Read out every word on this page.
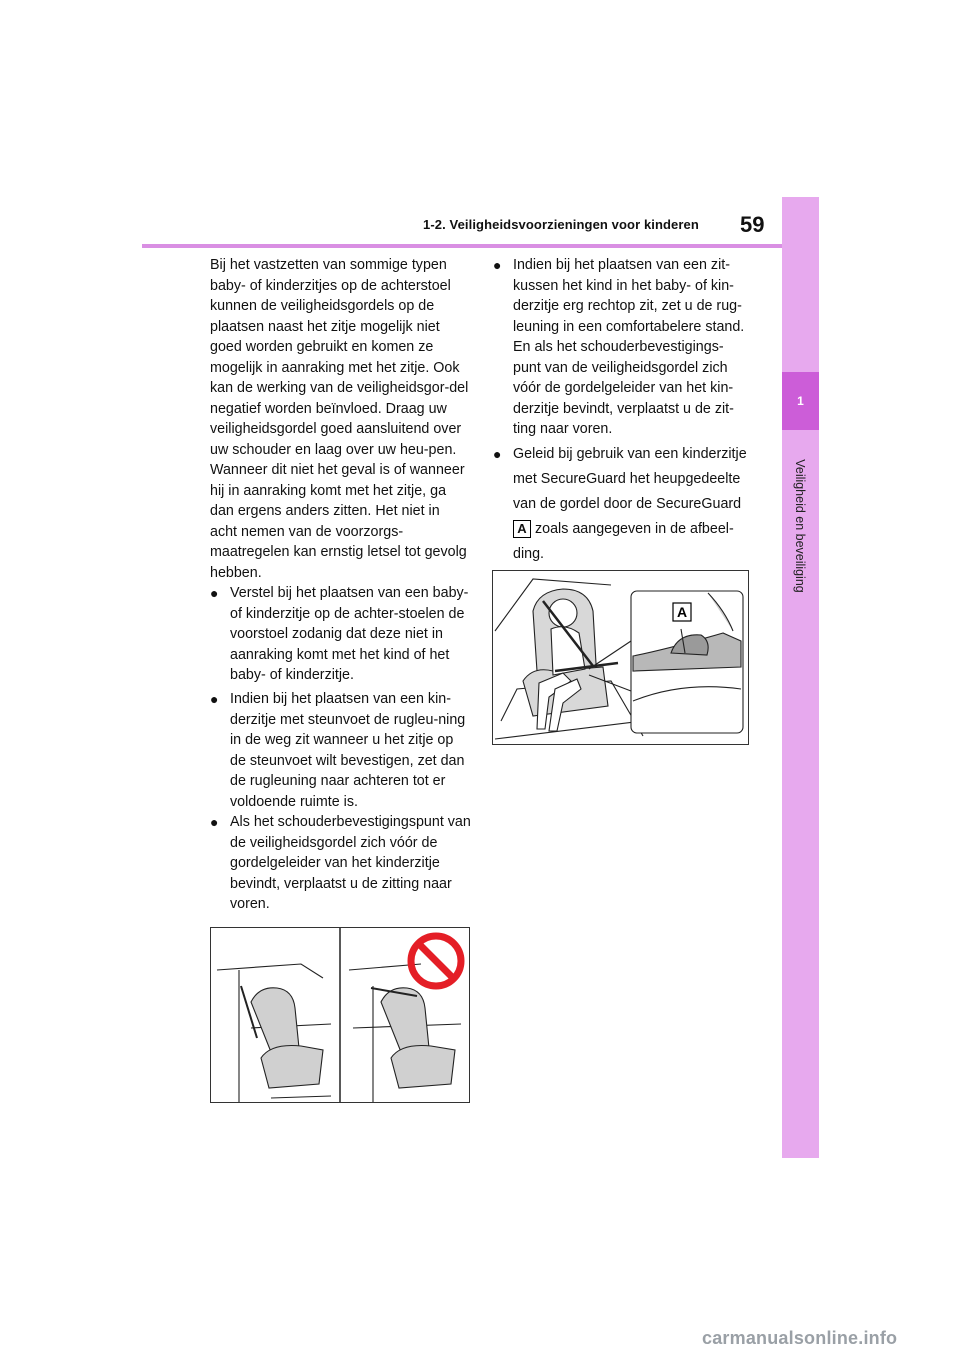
1-2. Veiligheidsvoorzieningen voor kinderen 59
1
Veiligheid en beveiliging
Bij het vastzetten van sommige typen baby- of kinderzitjes op de achterstoel kunnen de veiligheidsgordels op de plaatsen naast het zitje mogelijk niet goed worden gebruikt en komen ze mogelijk in aanraking met het zitje. Ook kan de werking van de veiligheidsgor-del negatief worden beïnvloed. Draag uw veiligheidsgordel goed aansluitend over uw schouder en laag over uw heu-pen. Wanneer dit niet het geval is of wanneer hij in aanraking komt met het zitje, ga dan ergens anders zitten. Het niet in acht nemen van de voorzorgs-maatregelen kan ernstig letsel tot gevolg hebben.
● Verstel bij het plaatsen van een baby- of kinderzitje op de achter-stoelen de voorstoel zodanig dat deze niet in aanraking komt met het kind of het baby- of kinderzitje.
● Indien bij het plaatsen van een kin-derzitje met steunvoet de rugleu-ning in de weg zit wanneer u het zitje op de steunvoet wilt bevestigen, zet dan de rugleuning naar achteren tot er voldoende ruimte is.
● Als het schouderbevestigingspunt van de veiligheidsgordel zich vóór de gordelgeleider van het kinderzitje bevindt, verplaatst u de zitting naar voren.
● Indien bij het plaatsen van een zit-kussen het kind in het baby- of kin-derzitje erg rechtop zit, zet u de rug-leuning in een comfortabelere stand. En als het schouderbevestigings-punt van de veiligheidsgordel zich vóór de gordelgeleider van het kin-derzitje bevindt, verplaatst u de zit-ting naar voren.
● Geleid bij gebruik van een kinderzitje met SecureGuard het heupgedeelte van de gordel door de SecureGuard A zoals aangegeven in de afbeel-ding.
A
carmanualsonline.info
